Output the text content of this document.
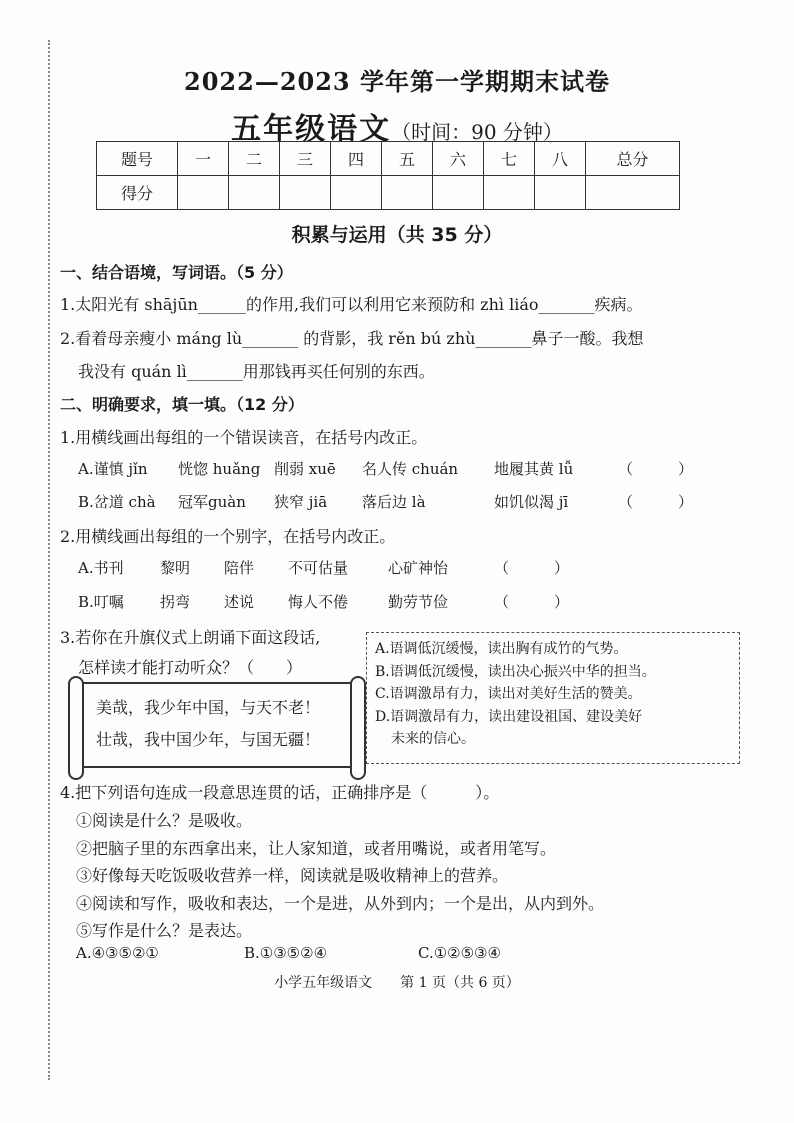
2022—2023 学年第一学期期末试卷
五年级语文（时间：90 分钟）
题号	一	二	三	四	五	六	七	八	总分
得分									
积累与运用（共 35 分）
一、结合语境，写词语。（5 分）
1.太阳光有 shājūn______的作用,我们可以利用它来预防和 zhì liáo_______疾病。
2.看着母亲瘦小 máng lù_______ 的背影，我 rěn bú zhù_______鼻子一酸。我想
我没有 quán lì_______用那钱再买任何别的东西。
二、明确要求，填一填。（12 分）
1.用横线画出每组的一个错误读音，在括号内改正。
A.谨慎 jǐn 恍惚 huǎng 削弱 xuē 名人传 chuán 地履其黄 lǚ	（　　　）
B.岔道 chà 冠军guàn 狭窄 jiā 落后边 là	如饥似渴 jī	（　　　）
2.用横线画出每组的一个别字，在括号内改正。
A.书刊 黎明 陪伴 不可估量	心矿神怡	（　　　）
B.叮嘱 拐弯 述说 悔人不倦	勤劳节俭	（　　　）
3.若你在升旗仪式上朗诵下面这段话,
怎样读才能打动听众？（　　）
美哉，我少年中国，与天不老！
壮哉，我中国少年，与国无疆！
A.语调低沉缓慢，读出胸有成竹的气势。
B.语调低沉缓慢，读出决心振兴中华的担当。
C.语调激昂有力，读出对美好生活的赞美。
D.语调激昂有力，读出建设祖国、建设美好
未来的信心。
4.把下列语句连成一段意思连贯的话，正确排序是（　　　）。
①阅读是什么？是吸收。
②把脑子里的东西拿出来，让人家知道，或者用嘴说，或者用笔写。
③好像每天吃饭吸收营养一样，阅读就是吸收精神上的营养。
④阅读和写作，吸收和表达，一个是进，从外到内；一个是出，从内到外。
⑤写作是什么？是表达。
A.④③⑤②①	B.①③⑤②④	C.①②⑤③④
小学五年级语文　　第 1 页（共 6 页）
